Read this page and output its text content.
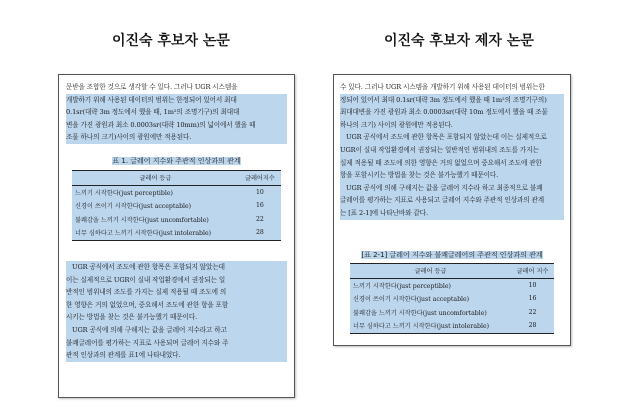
이진숙 후보자 논문	이진숙 후보자 제자 논문
문받을 조합한 것으로 생각할 수 있다. 그러나 UGR 시스템을
개발하기 위해 사용된 데이터의 범위는 한정되어 있어서 최대
0.1sr(대략 3m 정도에서 했을 때, 1m²의 조명기구)의 최대대
변을 가진 광원과 최소 0.0003sr(대략 10mm)의 넓이에서 했을 때
조물 하나의 크기)사이의 광원에만 적용된다.
표 1. 글레어 지수와 주관적 인상과의 관계
글레어 등급	글레어지수
느끼기 시작한다(just perceptible)	10
신경이 쓰이기 시작한다(just acceptable)	16
불쾌감을 느끼기 시작한다(just uncomfortable)	22
너무 심하다고 느끼기 시작한다(just intolerable)	28
UGR 공식에서 조도에 관한 항목은 포함되지 않았는데
이는 실제적으로 UGR이 실내 작업환경에서 권장되는 일
반적인 범위내의 조도를 가지는 실제 적용될 때 조도에 의
한 영향은 거의 없었으며, 중요해서 조도에 관한 항을 포함
시키는 방법을 찾는 것은 불가능했기 때문이다.
UGR 공식에 의해 구해지는 값을 글레어 지수라고 하고
불쾌글레어를 평가하는 지표로 사용되며 글레어 지수와 주
관적 인상과의 관계를 표1에 나타내었다.
수 있다. 그러나 UGR 시스템을 개발하기 위해 사용된 데이터의 범위는한
정되어 있어서 최대 0.1sr(대략 3m 정도에서 했을 때 1m²의 조명기구의)
최대대변을 가진 광원과 최소 0.0003sr(대략 10m 정도에서 했을 때 조물
하나의 크기) 사이의 광원에만 적용된다.
UGR 공식에서 조도에 관한 항목은 포함되지 않았는데 이는 실제적으로
UGR이 실내 작업환경에서 권장되는 일반적인 범위내의 조도를 가지는
실제 적용될 때 조도에 의한 영향은 거의 없었으며 중요해서 조도에 관한
항을 포함시키는 방법을 찾는 것은 불가능했기 때문이다.
UGR 공식에 의해 구해지는 값을 글레어 지수라 하고 최종적으로 불쾌
글레어를 평가하는 지표로 사용되고 글레어 지수와 주관적 인상과의 관계
는 [표 2-1]에 나타난바와 같다.
[표 2-1] 글레어 지수와 불쾌글레어의 주관적 인상과의 관계
글레어 등급	글레어 지수
느끼기 시작한다(just perceptible)	10
신경이 쓰이기 시작한다(just acceptable)	16
불쾌감을 느끼기 시작한다(just uncomfortable)	22
너무 심하다고 느끼기 시작한다(just intolerable)	28
